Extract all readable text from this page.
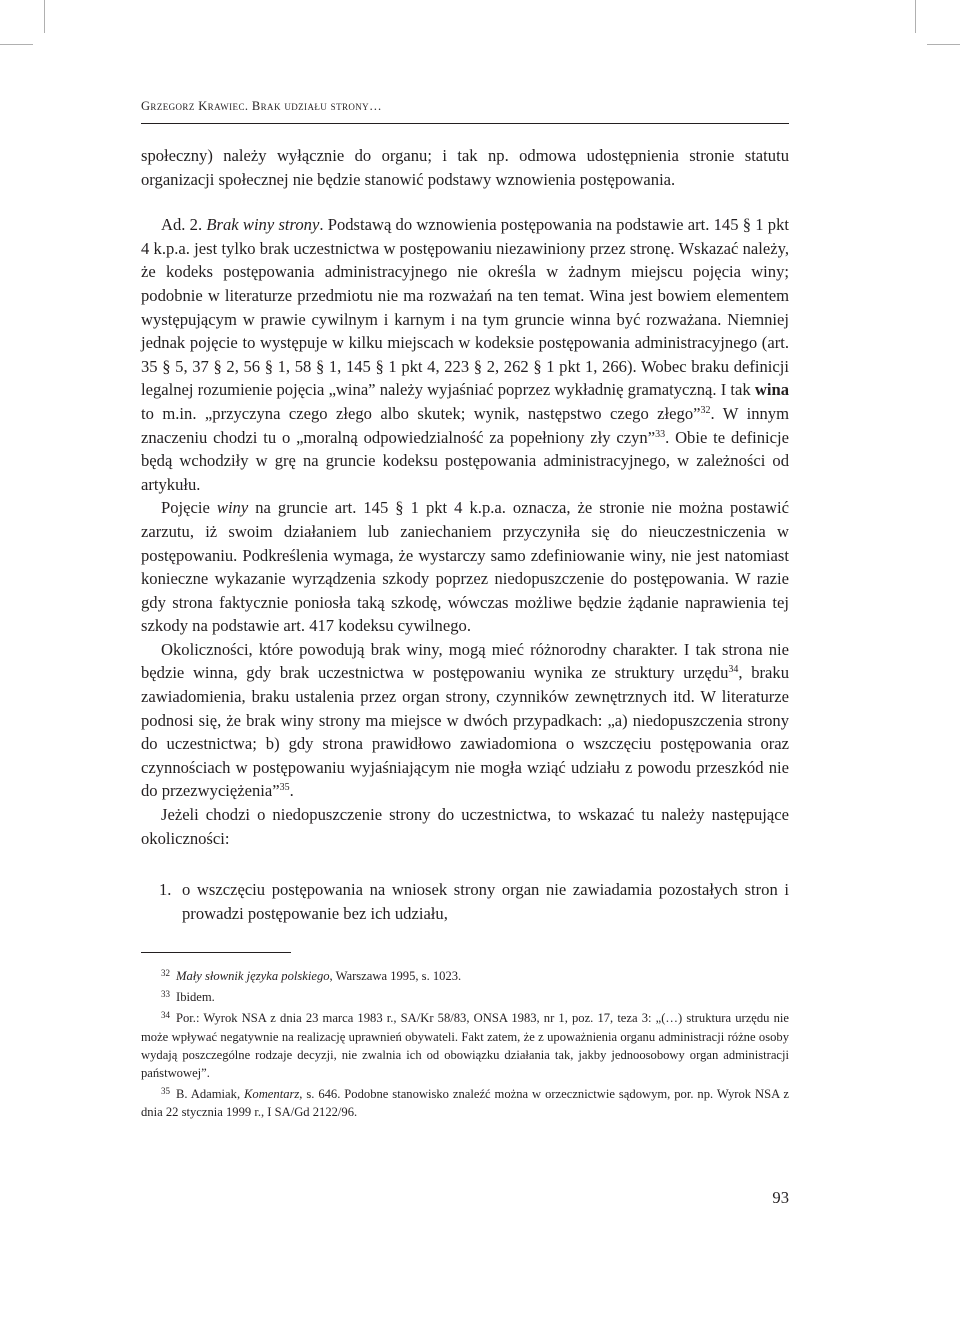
Grzegorz Krawiec. Brak udziału strony…

społeczny) należy wyłącznie do organu; i tak np. odmowa udostępnienia stronie statutu organizacji społecznej nie będzie stanowić podstawy wznowienia postępowania.

Ad. 2. Brak winy strony. Podstawą do wznowienia postępowania na podstawie art. 145 § 1 pkt 4 k.p.a. jest tylko brak uczestnictwa w postępowaniu niezawiniony przez stronę. Wskazać należy, że kodeks postępowania administracyjnego nie określa w żadnym miejscu pojęcia winy; podobnie w literaturze przedmiotu nie ma rozważań na ten temat. Wina jest bowiem elementem występującym w prawie cywilnym i karnym i na tym gruncie winna być rozważana. Niemniej jednak pojęcie to występuje w kilku miejscach w kodeksie postępowania administracyjnego (art. 35 § 5, 37 § 2, 56 § 1, 58 § 1, 145 § 1 pkt 4, 223 § 2, 262 § 1 pkt 1, 266). Wobec braku definicji legalnej rozumienie pojęcia „wina” należy wyjaśniać poprzez wykładnię gramatyczną. I tak wina to m.in. „przyczyna czego złego albo skutek; wynik, następstwo czego złego”$^{32}$. W innym znaczeniu chodzi tu o „moralną odpowiedzialność za popełniony zły czyn”$^{33}$. Obie te definicje będą wchodziły w grę na gruncie kodeksu postępowania administracyjnego, w zależności od artykułu.

Pojęcie winy na gruncie art. 145 § 1 pkt 4 k.p.a. oznacza, że stronie nie można postawić zarzutu, iż swoim działaniem lub zaniechaniem przyczyniła się do nieuczestniczenia w postępowaniu. Podkreślenia wymaga, że wystarczy samo zdefiniowanie winy, nie jest natomiast konieczne wykazanie wyrządzenia szkody poprzez niedopuszczenie do postępowania. W razie gdy strona faktycznie poniosła taką szkodę, wówczas możliwe będzie żądanie naprawienia tej szkody na podstawie art. 417 kodeksu cywilnego.

Okoliczności, które powodują brak winy, mogą mieć różnorodny charakter. I tak strona nie będzie winna, gdy brak uczestnictwa w postępowaniu wynika ze struktury urzędu$^{34}$, braku zawiadomienia, braku ustalenia przez organ strony, czynników zewnętrznych itd. W literaturze podnosi się, że brak winy strony ma miejsce w dwóch przypadkach: „a) niedopuszczenia strony do uczestnictwa; b) gdy strona prawidłowo zawiadomiona o wszczęciu postępowania oraz czynnościach w postępowaniu wyjaśniającym nie mogła wziąć udziału z powodu przeszkód nie do przezwyciężenia”$^{35}$.

Jeżeli chodzi o niedopuszczenie strony do uczestnictwa, to wskazać tu należy następujące okoliczności:

1. o wszczęciu postępowania na wniosek strony organ nie zawiadamia pozostałych stron i prowadzi postępowanie bez ich udziału,

$^{32}$ Mały słownik języka polskiego, Warszawa 1995, s. 1023.

$^{33}$ Ibidem.

$^{34}$ Por.: Wyrok NSA z dnia 23 marca 1983 r., SA/Kr 58/83, ONSA 1983, nr 1, poz. 17, teza 3: „(…) struktura urzędu nie może wpływać negatywnie na realizację uprawnień obywateli. Fakt zatem, że z upoważnienia organu administracji różne osoby wydają poszczególne rodzaje decyzji, nie zwalnia ich od obowiązku działania tak, jakby jednoosobowy organ administracji państwowej”.

$^{35}$ B. Adamiak, Komentarz, s. 646. Podobne stanowisko znaleźć można w orzecznictwie sądowym, por. np. Wyrok NSA z dnia 22 stycznia 1999 r., I SA/Gd 2122/96.

93
